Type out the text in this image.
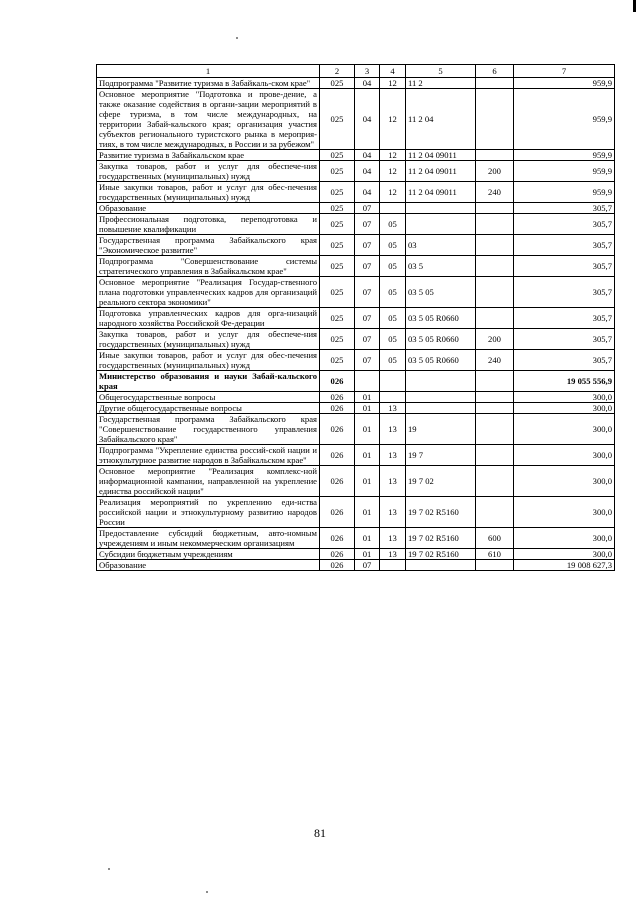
1	2	3	4	5	6	7
Подпрограмма "Развитие туризма в Забайкаль-ском крае"	025	04	12	11 2		959,9
Основное мероприятие "Подготовка и прове-дение, а также оказание содействия в органи-зации мероприятий в сфере туризма, в том числе международных, на территории Забай-кальского края; организация участия субъектов регионального туристского рынка в мероприя-тиях, в том числе международных, в России и за рубежом"	025	04	12	11 2 04		959,9
Развитие туризма в Забайкальском крае	025	04	12	11 2 04 09011		959,9
Закупка товаров, работ и услуг для обеспече-ния государственных (муниципальных) нужд	025	04	12	11 2 04 09011	200	959,9
Иные закупки товаров, работ и услуг для обес-печения государственных (муниципальных) нужд	025	04	12	11 2 04 09011	240	959,9
Образование	025	07				305,7
Профессиональная подготовка, переподготовка и повышение квалификации	025	07	05			305,7
Государственная программа Забайкальского края "Экономическое развитие"	025	07	05	03		305,7
Подпрограмма "Совершенствование системы стратегического управления в Забайкальском крае"	025	07	05	03 5		305,7
Основное мероприятие "Реализация Государ-ственного плана подготовки управленческих кадров для организаций реального сектора экономики"	025	07	05	03 5 05		305,7
Подготовка управленческих кадров для орга-низаций народного хозяйства Российской Фе-дерации	025	07	05	03 5 05 R0660		305,7
Закупка товаров, работ и услуг для обеспече-ния государственных (муниципальных) нужд	025	07	05	03 5 05 R0660	200	305,7
Иные закупки товаров, работ и услуг для обес-печения государственных (муниципальных) нужд	025	07	05	03 5 05 R0660	240	305,7
Министерство образования и науки Забай-кальского края	026					19 055 556,9
Общегосударственные вопросы	026	01				300,0
Другие общегосударственные вопросы	026	01	13			300,0
Государственная программа Забайкальского края "Совершенствование государственного управления Забайкальского края"	026	01	13	19		300,0
Подпрограмма "Укрепление единства россий-ской нации и этнокультурное развитие народов в Забайкальском крае"	026	01	13	19 7		300,0
Основное мероприятие "Реализация комплекс-ной информационной кампании, направленной на укрепление единства российской нации"	026	01	13	19 7 02		300,0
Реализация мероприятий по укреплению еди-нства российской нации и этнокультурному развитию народов России	026	01	13	19 7 02 R5160		300,0
Предоставление субсидий бюджетным, авто-номным учреждениям и иным некоммерческим организациям	026	01	13	19 7 02 R5160	600	300,0
Субсидии бюджетным учреждениям	026	01	13	19 7 02 R5160	610	300,0
Образование	026	07				19 008 627,3
81
